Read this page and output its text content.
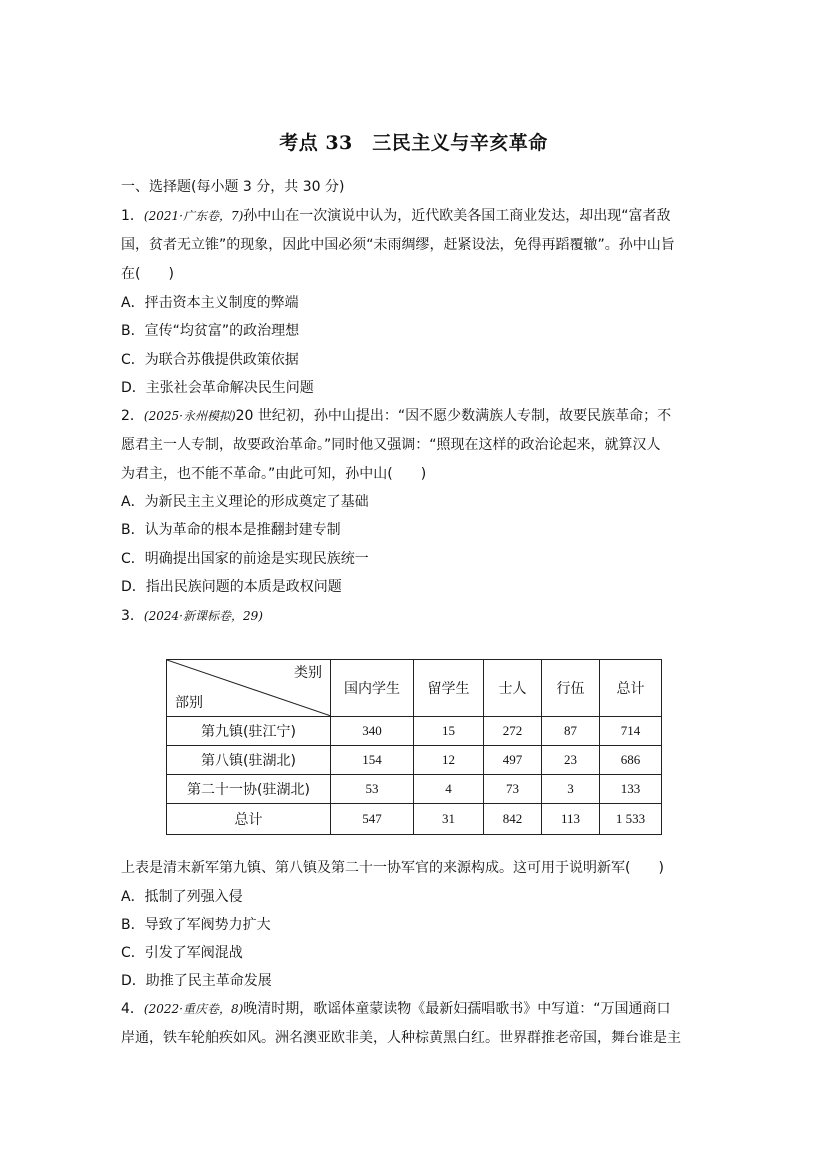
考点 33　三民主义与辛亥革命
一、选择题(每小题 3 分，共 30 分)
1．(2021·广东卷，7)孙中山在一次演说中认为，近代欧美各国工商业发达，却出现“富者敌
国，贫者无立锥”的现象，因此中国必须“未雨绸缪，赶紧设法，免得再蹈覆辙”。孙中山旨
在(　　)
A．抨击资本主义制度的弊端
B．宣传“均贫富”的政治理想
C．为联合苏俄提供政策依据
D．主张社会革命解决民生问题
2．(2025·永州模拟)20 世纪初，孙中山提出：“因不愿少数满族人专制，故要民族革命；不
愿君主一人专制，故要政治革命。”同时他又强调：“照现在这样的政治论起来，就算汉人
为君主，也不能不革命。”由此可知，孙中山(　　)
A．为新民主主义理论的形成奠定了基础
B．认为革命的根本是推翻封建专制
C．明确提出国家的前途是实现民族统一
D．指出民族问题的本质是政权问题
3．(2024·新课标卷，29)
类别
部别	国内学生	留学生	士人	行伍	总计
第九镇(驻江宁)	340	15	272	87	714
第八镇(驻湖北)	154	12	497	23	686
第二十一协(驻湖北)	53	4	73	3	133
总计	547	31	842	113	1 533
上表是清末新军第九镇、第八镇及第二十一协军官的来源构成。这可用于说明新军(　　)
A．抵制了列强入侵
B．导致了军阀势力扩大
C．引发了军阀混战
D．助推了民主革命发展
4．(2022·重庆卷，8)晚清时期，歌谣体童蒙读物《最新妇孺唱歌书》中写道：“万国通商口
岸通，铁车轮舶疾如风。洲名澳亚欧非美，人种棕黄黑白红。世界群推老帝国，舞台谁是主
